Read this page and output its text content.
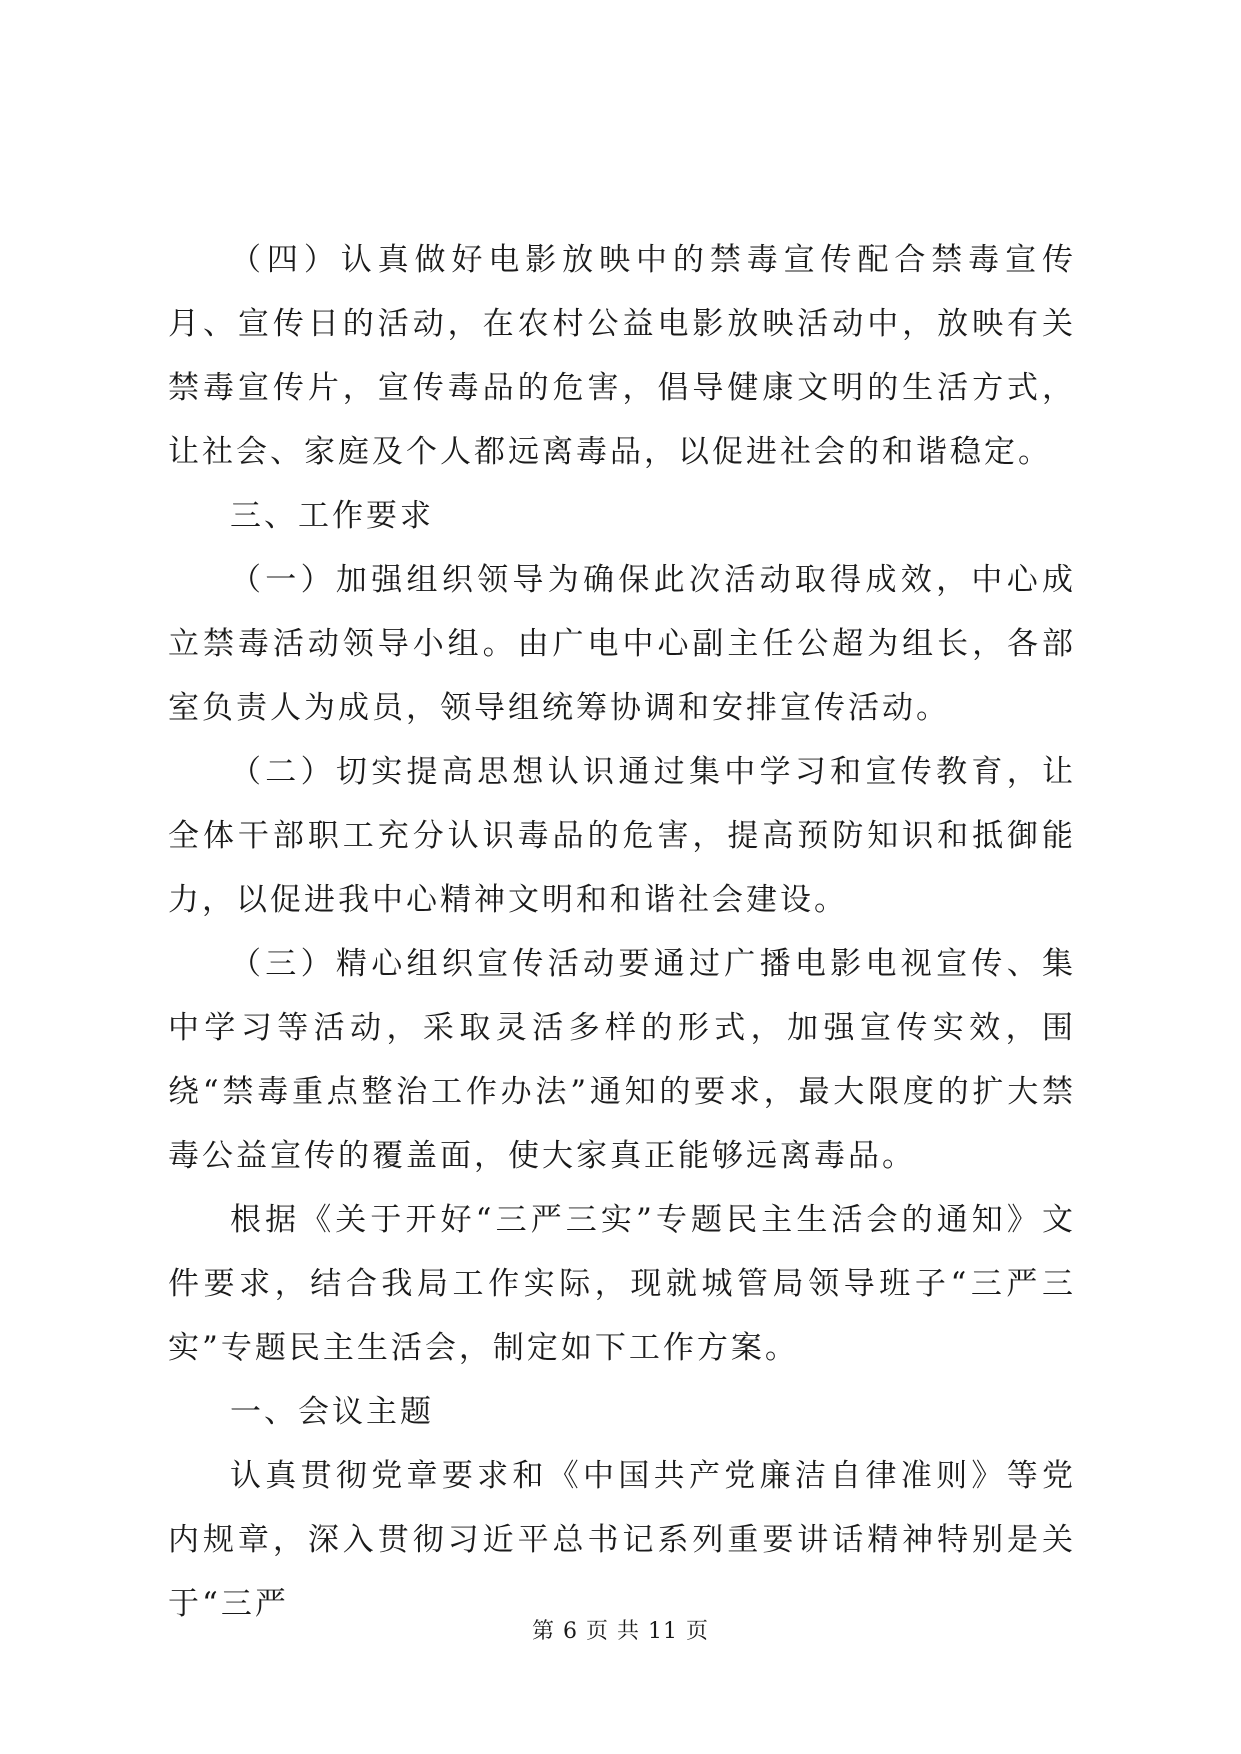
（四）认真做好电影放映中的禁毒宣传配合禁毒宣传月、宣传日的活动，在农村公益电影放映活动中，放映有关禁毒宣传片，宣传毒品的危害，倡导健康文明的生活方式，让社会、家庭及个人都远离毒品，以促进社会的和谐稳定。

三、工作要求

（一）加强组织领导为确保此次活动取得成效，中心成立禁毒活动领导小组。由广电中心副主任公超为组长，各部室负责人为成员，领导组统筹协调和安排宣传活动。

（二）切实提高思想认识通过集中学习和宣传教育，让全体干部职工充分认识毒品的危害，提高预防知识和抵御能力，以促进我中心精神文明和和谐社会建设。

（三）精心组织宣传活动要通过广播电影电视宣传、集中学习等活动，采取灵活多样的形式，加强宣传实效，围绕“禁毒重点整治工作办法”通知的要求，最大限度的扩大禁毒公益宣传的覆盖面，使大家真正能够远离毒品。

根据《关于开好“三严三实”专题民主生活会的通知》文件要求，结合我局工作实际，现就城管局领导班子“三严三实”专题民主生活会，制定如下工作方案。

一、会议主题

认真贯彻党章要求和《中国共产党廉洁自律准则》等党内规章，深入贯彻习近平总书记系列重要讲话精神特别是关于“三严

第 6 页 共 11 页
